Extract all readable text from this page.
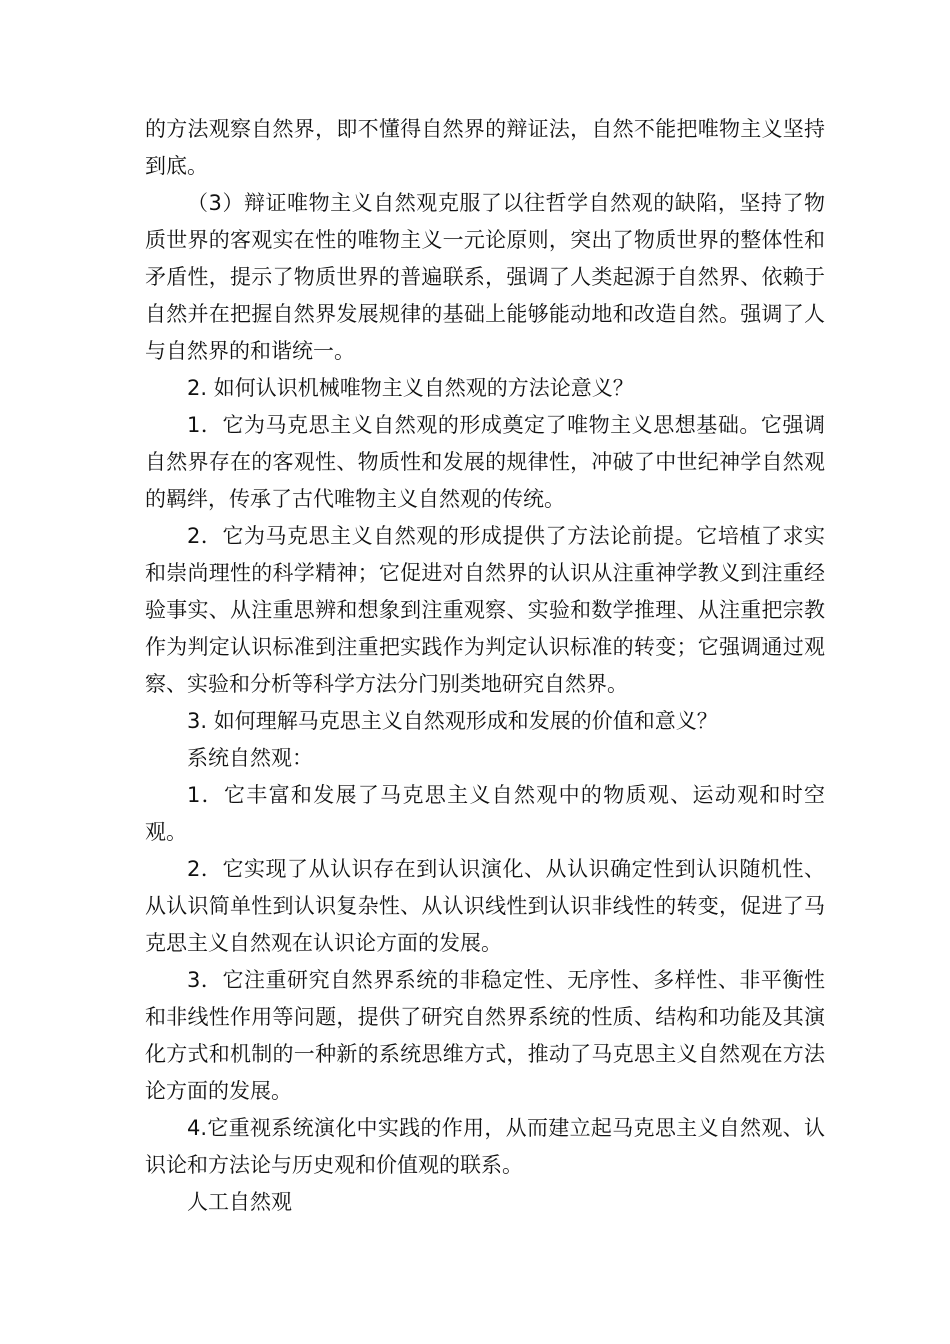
的方法观察自然界，即不懂得自然界的辩证法，自然不能把唯物主义坚持到底。

（3）辩证唯物主义自然观克服了以往哲学自然观的缺陷，坚持了物质世界的客观实在性的唯物主义一元论原则，突出了物质世界的整体性和矛盾性，提示了物质世界的普遍联系，强调了人类起源于自然界、依赖于自然并在把握自然界发展规律的基础上能够能动地和改造自然。强调了人与自然界的和谐统一。

2. 如何认识机械唯物主义自然观的方法论意义？

1．它为马克思主义自然观的形成奠定了唯物主义思想基础。它强调自然界存在的客观性、物质性和发展的规律性，冲破了中世纪神学自然观的羁绊，传承了古代唯物主义自然观的传统。

2．它为马克思主义自然观的形成提供了方法论前提。它培植了求实和崇尚理性的科学精神；它促进对自然界的认识从注重神学教义到注重经验事实、从注重思辨和想象到注重观察、实验和数学推理、从注重把宗教作为判定认识标准到注重把实践作为判定认识标准的转变；它强调通过观察、实验和分析等科学方法分门别类地研究自然界。

3. 如何理解马克思主义自然观形成和发展的价值和意义？

系统自然观：

1．它丰富和发展了马克思主义自然观中的物质观、运动观和时空观。

2．它实现了从认识存在到认识演化、从认识确定性到认识随机性、从认识简单性到认识复杂性、从认识线性到认识非线性的转变，促进了马克思主义自然观在认识论方面的发展。

3．它注重研究自然界系统的非稳定性、无序性、多样性、非平衡性和非线性作用等问题，提供了研究自然界系统的性质、结构和功能及其演化方式和机制的一种新的系统思维方式，推动了马克思主义自然观在方法论方面的发展。

4.它重视系统演化中实践的作用，从而建立起马克思主义自然观、认识论和方法论与历史观和价值观的联系。

人工自然观
